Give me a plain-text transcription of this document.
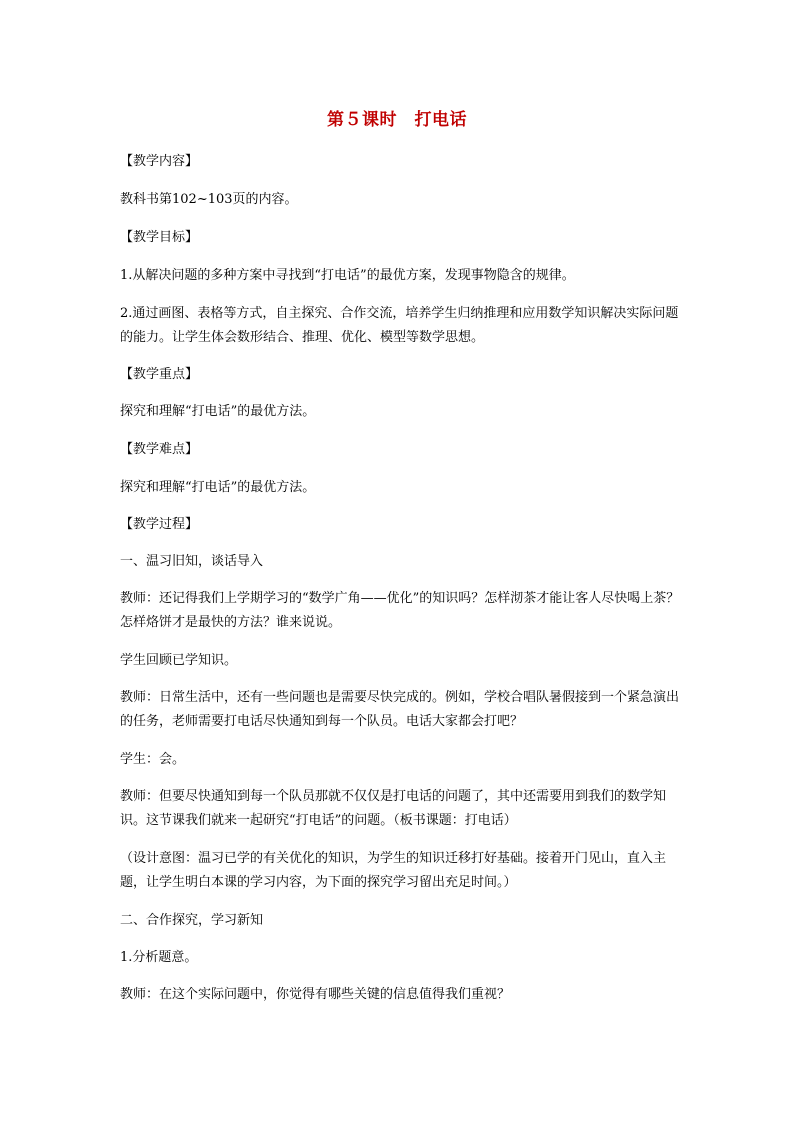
第５课时　打电话

【教学内容】

教科书第102~103页的内容。

【教学目标】

1.从解决问题的多种方案中寻找到“打电话”的最优方案，发现事物隐含的规律。

2.通过画图、表格等方式，自主探究、合作交流，培养学生归纳推理和应用数学知识解决实际问题的能力。让学生体会数形结合、推理、优化、模型等数学思想。

【教学重点】

探究和理解“打电话”的最优方法。

【教学难点】

探究和理解“打电话”的最优方法。

【教学过程】

一、温习旧知，谈话导入

教师：还记得我们上学期学习的“数学广角——优化”的知识吗？怎样沏茶才能让客人尽快喝上茶？怎样烙饼才是最快的方法？谁来说说。

学生回顾已学知识。

教师：日常生活中，还有一些问题也是需要尽快完成的。例如，学校合唱队暑假接到一个紧急演出的任务，老师需要打电话尽快通知到每一个队员。电话大家都会打吧？

学生：会。

教师：但要尽快通知到每一个队员那就不仅仅是打电话的问题了，其中还需要用到我们的数学知识。这节课我们就来一起研究“打电话”的问题。（板书课题：打电话）

（设计意图：温习已学的有关优化的知识，为学生的知识迁移打好基础。接着开门见山，直入主题，让学生明白本课的学习内容，为下面的探究学习留出充足时间。）

二、合作探究，学习新知

1.分析题意。

教师：在这个实际问题中，你觉得有哪些关键的信息值得我们重视？
